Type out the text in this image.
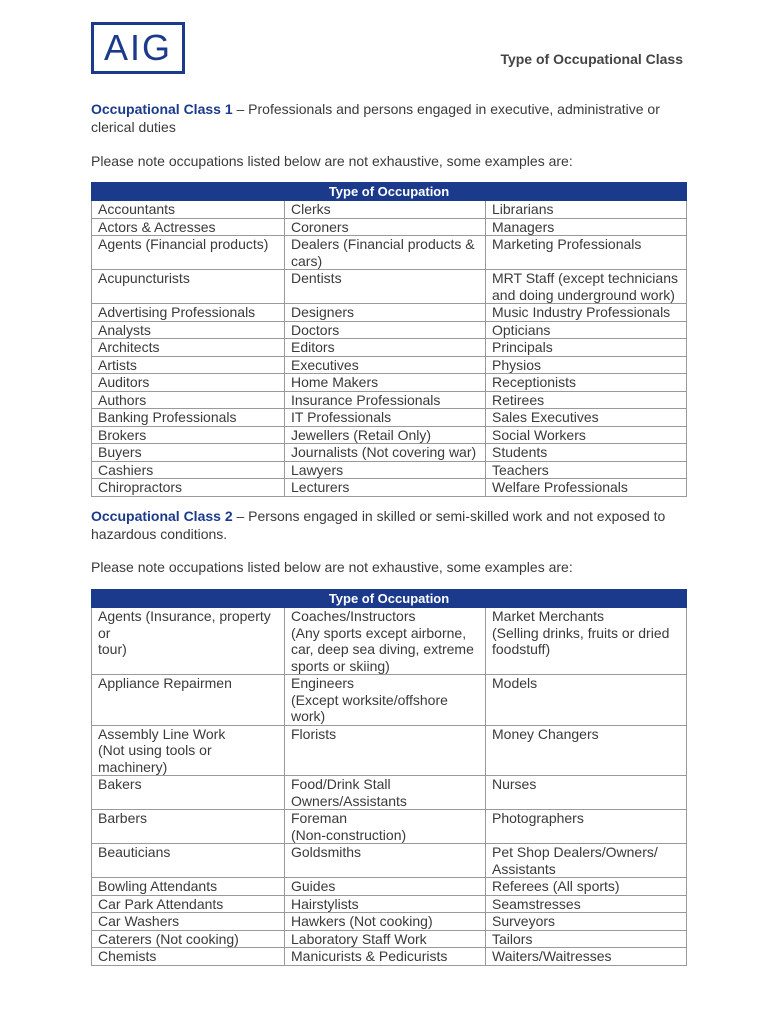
AIG	Type of Occupational Class
Occupational Class 1 – Professionals and persons engaged in executive, administrative or clerical duties
Please note occupations listed below are not exhaustive, some examples are:
Type of Occupation		

Accountants	Clerks	Librarians

Actors & Actresses	Coroners	Managers

Agents (Financial products)	Dealers (Financial products &
cars)	Marketing Professionals

Acupuncturists	Dentists	MRT Staff (except technicians
and doing underground work)

Advertising Professionals	Designers	Music Industry Professionals

Analysts	Doctors	Opticians

Architects	Editors	Principals

Artists	Executives	Physios

Auditors	Home Makers	Receptionists

Authors	Insurance Professionals	Retirees

Banking Professionals	IT Professionals	Sales Executives

Brokers	Jewellers (Retail Only)	Social Workers

Buyers	Journalists (Not covering war)	Students

Cashiers	Lawyers	Teachers

Chiropractors	Lecturers	Welfare Professionals
Occupational Class 2 – Persons engaged in skilled or semi-skilled work and not exposed to hazardous conditions.
Please note occupations listed below are not exhaustive, some examples are:
Type of Occupation		

Agents (Insurance, property or
tour)	Coaches/Instructors
(Any sports except airborne,
car, deep sea diving, extreme
sports or skiing)	Market Merchants
(Selling drinks, fruits or dried
foodstuff)

Appliance Repairmen	Engineers
(Except worksite/offshore
work)	Models

Assembly Line Work
(Not using tools or machinery)	Florists	Money Changers

Bakers	Food/Drink Stall
Owners/Assistants	Nurses

Barbers	Foreman
(Non-construction)	Photographers

Beauticians	Goldsmiths	Pet Shop Dealers/Owners/
Assistants

Bowling Attendants	Guides	Referees (All sports)

Car Park Attendants	Hairstylists	Seamstresses

Car Washers	Hawkers (Not cooking)	Surveyors

Caterers (Not cooking)	Laboratory Staff Work	Tailors

Chemists	Manicurists & Pedicurists	Waiters/Waitresses
